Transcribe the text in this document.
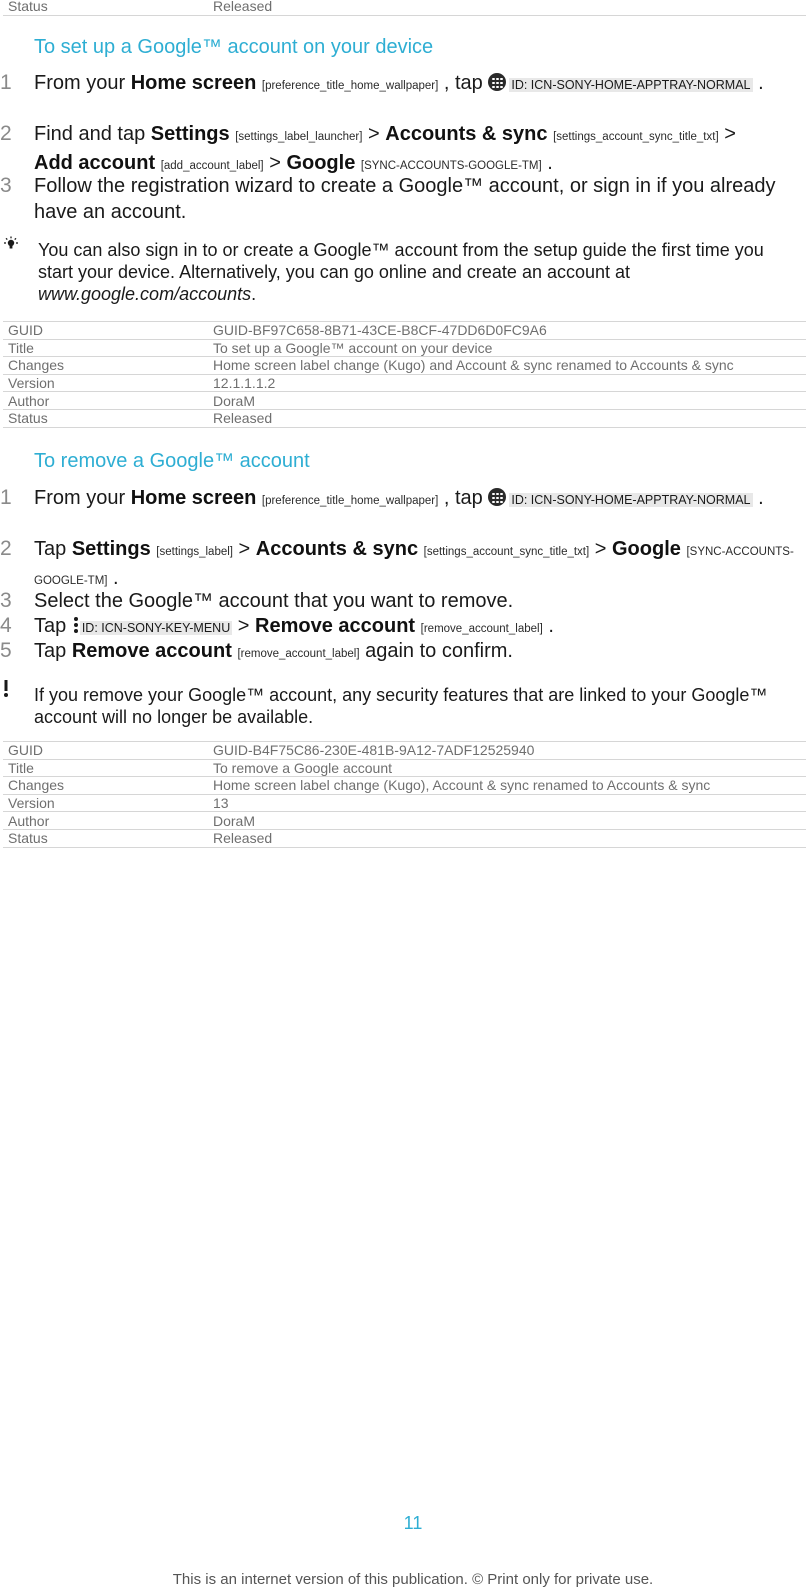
Status	Released
To set up a Google™ account on your device
1	From your Home screen [preference_title_home_wallpaper] , tap
ID: ICN-SONY-HOME-APPTRAY-NORMAL .
2	Find and tap Settings [settings_label_launcher] > Accounts & sync [settings_account_sync_title_txt] >
Add account [add_account_label] > Google [SYNC-ACCOUNTS-GOOGLE-TM] .
3	Follow the registration wizard to create a Google™ account, or sign in if you already have an account.
You can also sign in to or create a Google™ account from the setup guide the first time you start your device. Alternatively, you can go online and create an account at www.google.com/accounts.
GUID	GUID-BF97C658-8B71-43CE-B8CF-47DD6D0FC9A6
Title	To set up a Google™ account on your device
Changes	Home screen label change (Kugo) and Account & sync renamed to Accounts & sync
Version	12.1.1.1.2
Author	DoraM
Status	Released
To remove a Google™ account
1	From your Home screen [preference_title_home_wallpaper] , tap
ID: ICN-SONY-HOME-APPTRAY-NORMAL .
2	Tap Settings [settings_label] > Accounts & sync [settings_account_sync_title_txt] > Google [SYNC-ACCOUNTS-GOOGLE-TM] .
3	Select the Google™ account that you want to remove.
4	Tap
ID: ICN-SONY-KEY-MENU > Remove account [remove_account_label] .
5	Tap Remove account [remove_account_label] again to confirm.
If you remove your Google™ account, any security features that are linked to your Google™ account will no longer be available.
GUID	GUID-B4F75C86-230E-481B-9A12-7ADF12525940
Title	To remove a Google account
Changes	Home screen label change (Kugo), Account & sync renamed to Accounts & sync
Version	13
Author	DoraM
Status	Released
11
This is an internet version of this publication. © Print only for private use.
